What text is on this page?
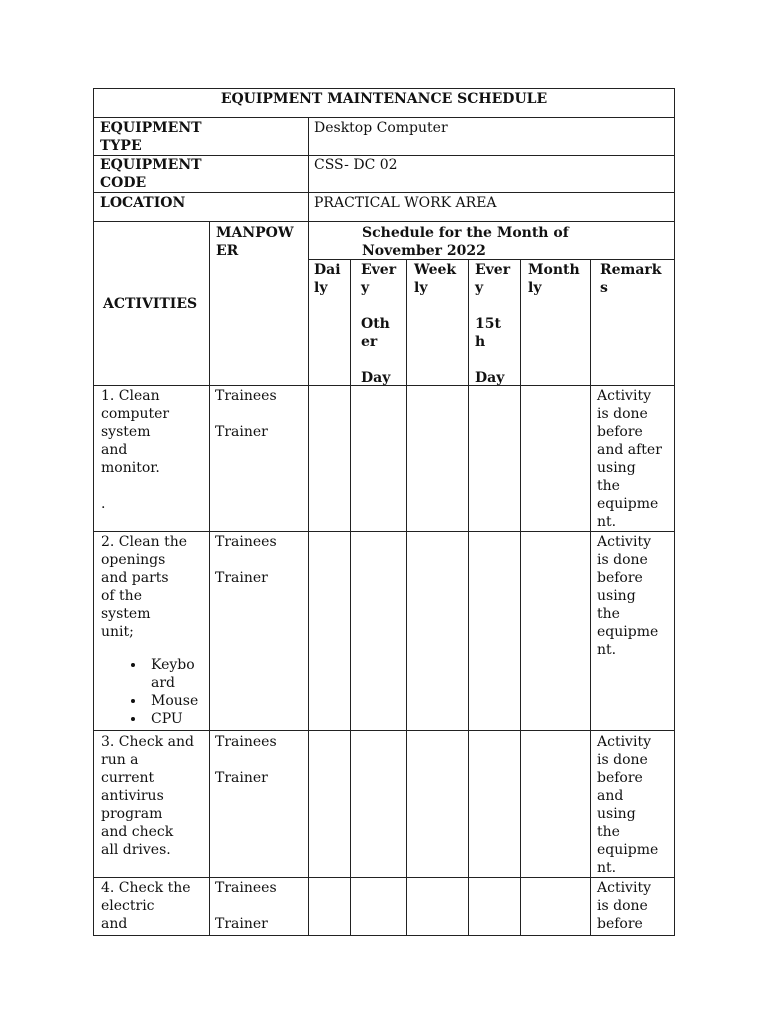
EQUIPMENT MAINTENANCE SCHEDULE
EQUIPMENT
TYPE
Desktop Computer
EQUIPMENT
CODE
CSS- DC 02
LOCATION	PRACTICAL WORK AREA
ACTIVITIES
MANPOW
ER
Schedule for the Month of
November 2022
Dai
ly
Ever
y

Oth
er

Day
Week
ly
Ever
y

15t
h

Day
Month
ly
Remark
s
1. Clean
computer
system
and
monitor.

.
Trainees

Trainer
Activity
is done
before
and after
using
the
equipme
nt.
2. Clean the
openings
and parts
of the
system
unit;
• Keybo
ard
• Mouse
• CPU
Trainees

Trainer
Activity
is done
before
using
the
equipme
nt.
3. Check and
run a
current
antivirus
program
and check
all drives.
Trainees

Trainer
Activity
is done
before
and
using
the
equipme
nt.
4. Check the
electric
and
Trainees

Trainer
Activity
is done
before
